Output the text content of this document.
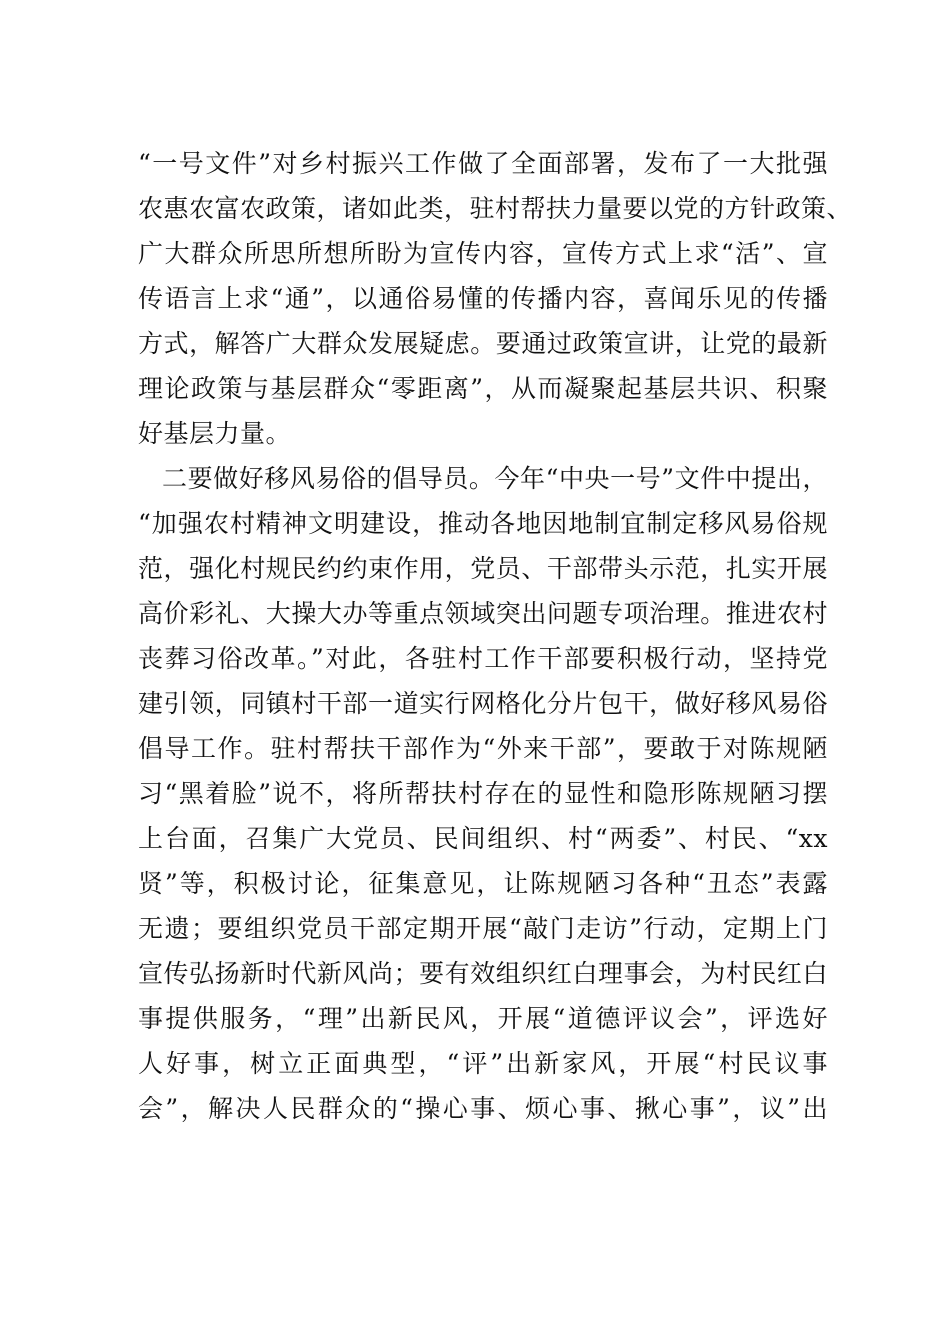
“一号文件”对乡村振兴工作做了全面部署，发布了一大批强
农惠农富农政策，诸如此类，驻村帮扶力量要以党的方针政策、
广大群众所思所想所盼为宣传内容，宣传方式上求“活”、宣
传语言上求“通”，以通俗易懂的传播内容，喜闻乐见的传播
方式，解答广大群众发展疑虑。要通过政策宣讲，让党的最新
理论政策与基层群众“零距离”，从而凝聚起基层共识、积聚
好基层力量。
二要做好移风易俗的倡导员。今年“中央一号”文件中提出，
“加强农村精神文明建设，推动各地因地制宜制定移风易俗规
范，强化村规民约约束作用，党员、干部带头示范，扎实开展
高价彩礼、大操大办等重点领域突出问题专项治理。推进农村
丧葬习俗改革。”对此，各驻村工作干部要积极行动，坚持党
建引领，同镇村干部一道实行网格化分片包干，做好移风易俗
倡导工作。驻村帮扶干部作为“外来干部”，要敢于对陈规陋
习“黑着脸”说不，将所帮扶村存在的显性和隐形陈规陋习摆
上台面，召集广大党员、民间组织、村“两委”、村民、“xx
贤”等，积极讨论，征集意见，让陈规陋习各种“丑态”表露
无遗；要组织党员干部定期开展“敲门走访”行动，定期上门
宣传弘扬新时代新风尚；要有效组织红白理事会，为村民红白
事提供服务，“理”出新民风，开展“道德评议会”，评选好
人好事，树立正面典型，“评”出新家风，开展“村民议事
会”，解决人民群众的“操心事、烦心事、揪心事”，议”出
